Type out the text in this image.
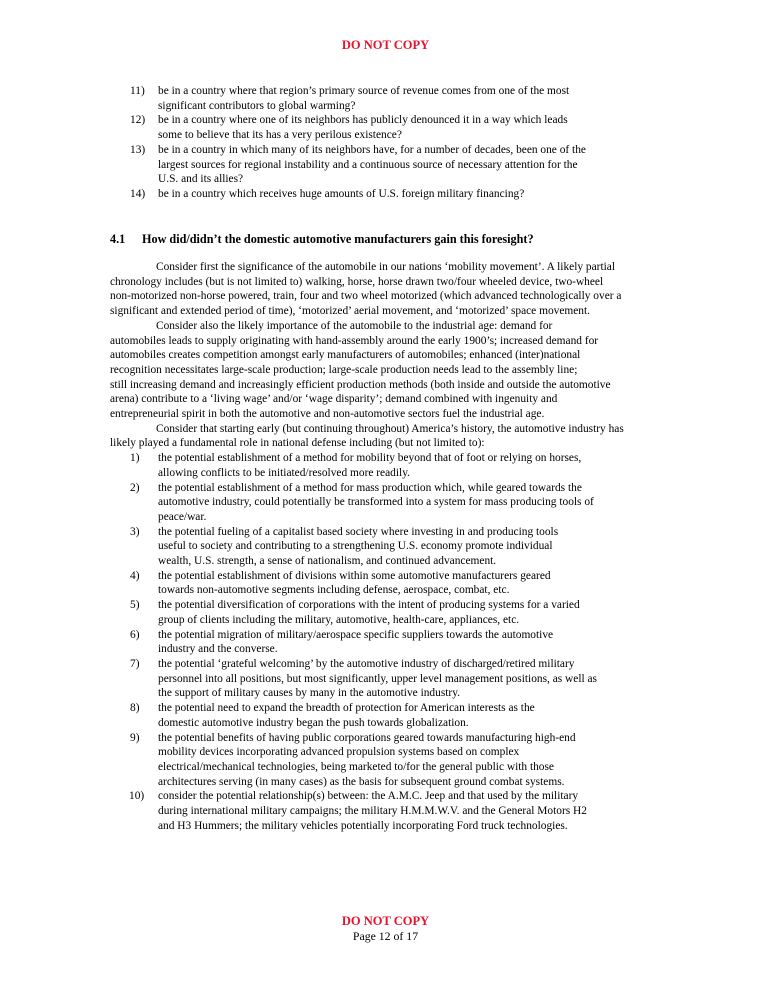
DO NOT COPY
11) be in a country where that region’s primary source of revenue comes from one of the most
significant contributors to global warming?
12) be in a country where one of its neighbors has publicly denounced it in a way which leads
some to believe that its has a very perilous existence?
13) be in a country in which many of its neighbors have, for a number of decades, been one of the
largest sources for regional instability and a continuous source of necessary attention for the
U.S. and its allies?
14) be in a country which receives huge amounts of U.S. foreign military financing?
4.1 How did/didn’t the domestic automotive manufacturers gain this foresight?
Consider first the significance of the automobile in our nations ‘mobility movement’. A likely partial
chronology includes (but is not limited to) walking, horse, horse drawn two/four wheeled device, two-wheel
non-motorized non-horse powered, train, four and two wheel motorized (which advanced technologically over a
significant and extended period of time), ‘motorized’ aerial movement, and ‘motorized’ space movement.
Consider also the likely importance of the automobile to the industrial age: demand for
automobiles leads to supply originating with hand-assembly around the early 1900’s; increased demand for
automobiles creates competition amongst early manufacturers of automobiles; enhanced (inter)national
recognition necessitates large-scale production; large-scale production needs lead to the assembly line;
still increasing demand and increasingly efficient production methods (both inside and outside the automotive
arena) contribute to a ‘living wage’ and/or ‘wage disparity’; demand combined with ingenuity and
entrepreneurial spirit in both the automotive and non-automotive sectors fuel the industrial age.
Consider that starting early (but continuing throughout) America’s history, the automotive industry has
likely played a fundamental role in national defense including (but not limited to):
1) the potential establishment of a method for mobility beyond that of foot or relying on horses,
allowing conflicts to be initiated/resolved more readily.
2) the potential establishment of a method for mass production which, while geared towards the
automotive industry, could potentially be transformed into a system for mass producing tools of
peace/war.
3) the potential fueling of a capitalist based society where investing in and producing tools
useful to society and contributing to a strengthening U.S. economy promote individual
wealth, U.S. strength, a sense of nationalism, and continued advancement.
4) the potential establishment of divisions within some automotive manufacturers geared
towards non-automotive segments including defense, aerospace, combat, etc.
5) the potential diversification of corporations with the intent of producing systems for a varied
group of clients including the military, automotive, health-care, appliances, etc.
6) the potential migration of military/aerospace specific suppliers towards the automotive
industry and the converse.
7) the potential ‘grateful welcoming’ by the automotive industry of discharged/retired military
personnel into all positions, but most significantly, upper level management positions, as well as
the support of military causes by many in the automotive industry.
8) the potential need to expand the breadth of protection for American interests as the
domestic automotive industry began the push towards globalization.
9) the potential benefits of having public corporations geared towards manufacturing high-end
mobility devices incorporating advanced propulsion systems based on complex
electrical/mechanical technologies, being marketed to/for the general public with those
architectures serving (in many cases) as the basis for subsequent ground combat systems.
10) consider the potential relationship(s) between: the A.M.C. Jeep and that used by the military
during international military campaigns; the military H.M.M.W.V. and the General Motors H2
and H3 Hummers; the military vehicles potentially incorporating Ford truck technologies.
DO NOT COPY
Page 12 of 17
